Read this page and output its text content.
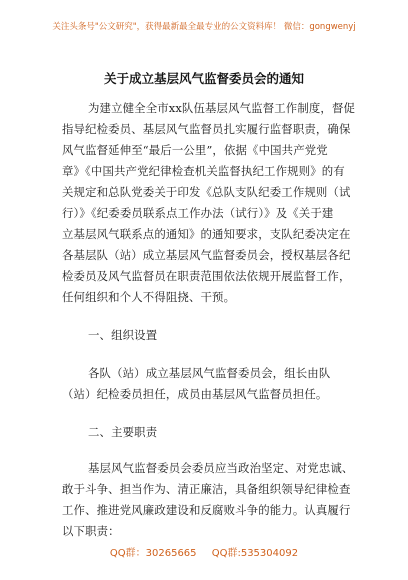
关注头条号"公文研究"，获得最新最全最专业的公文资料库！ 微信：gongwenyj
关于成立基层风气监督委员会的通知
为建立健全全市xx队伍基层风气监督工作制度，督促
指导纪检委员、基层风气监督员扎实履行监督职责，确保
风气监督延伸至“最后一公里”，依据《中国共产党党
章》《中国共产党纪律检查机关监督执纪工作规则》的有
关规定和总队党委关于印发《总队支队纪委工作规则（试
行）》《纪委委员联系点工作办法（试行）》及《关于建
立基层风气联系点的通知》的通知要求，支队纪委决定在
各基层队（站）成立基层风气监督委员会，授权基层各纪
检委员及风气监督员在职责范围依法依规开展监督工作，
任何组织和个人不得阻挠、干预。
一、组织设置
各队（站）成立基层风气监督委员会，组长由队
（站）纪检委员担任，成员由基层风气监督员担任。
二、主要职责
基层风气监督委员会委员应当政治坚定、对党忠诚、
敢于斗争、担当作为、清正廉洁，具备组织领导纪律检查
工作、推进党风廉政建设和反腐败斗争的能力。认真履行
以下职责：
QQ群：30265665 QQ群:535304092
